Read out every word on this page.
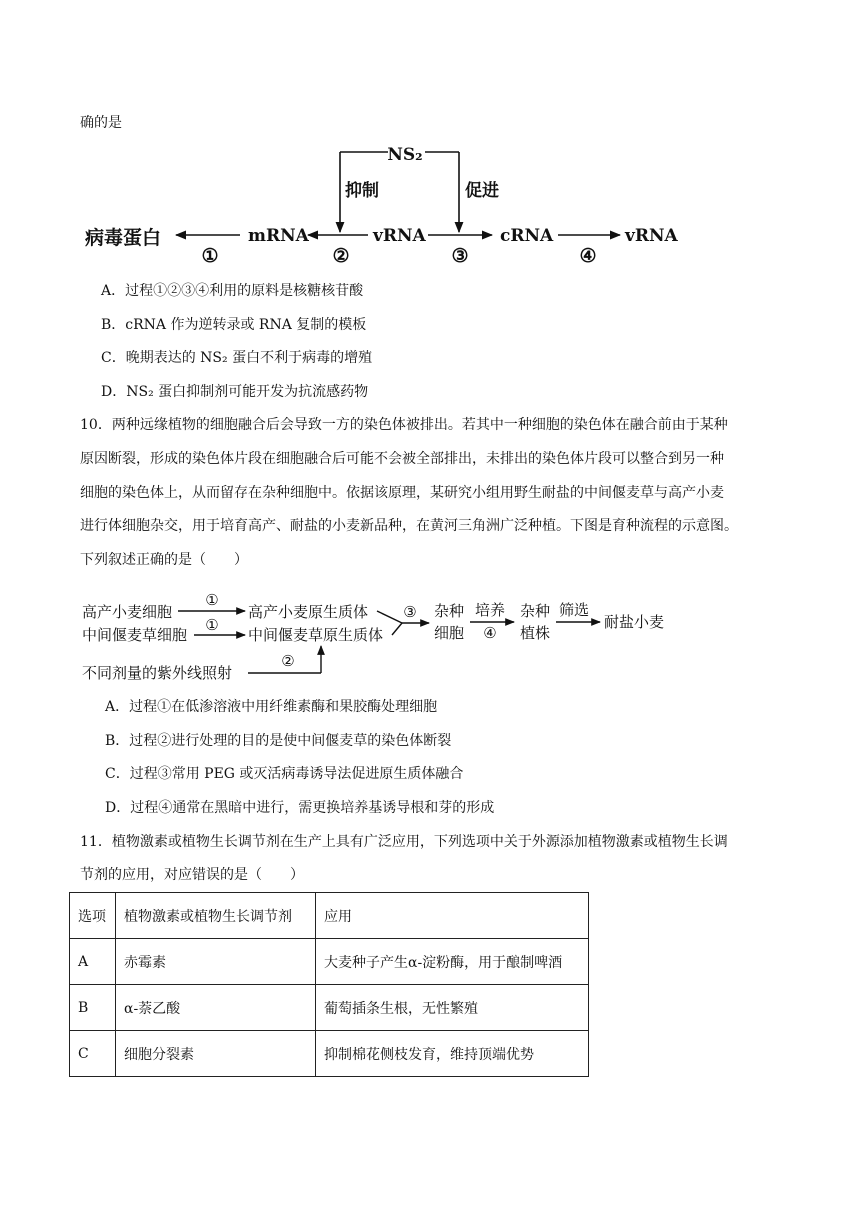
确的是
NS₂
抑制	促进
病毒蛋白	mRNA	vRNA	cRNA	vRNA
①	②	③	④
A．过程①②③④利用的原料是核糖核苷酸
B．cRNA 作为逆转录或 RNA 复制的模板
C．晚期表达的 NS₂ 蛋白不利于病毒的增殖
D．NS₂ 蛋白抑制剂可能开发为抗流感药物
10．两种远缘植物的细胞融合后会导致一方的染色体被排出。若其中一种细胞的染色体在融合前由于某种
原因断裂，形成的染色体片段在细胞融合后可能不会被全部排出，未排出的染色体片段可以整合到另一种
细胞的染色体上，从而留存在杂种细胞中。依据该原理，某研究小组用野生耐盐的中间偃麦草与高产小麦
进行体细胞杂交，用于培育高产、耐盐的小麦新品种，在黄河三角洲广泛种植。下图是育种流程的示意图。
下列叙述正确的是（　　）
高产小麦细胞
中间偃麦草细胞
①
①
高产小麦原生质体
中间偃麦草原生质体
不同剂量的紫外线照射
②
③ 杂种
细胞
培养
④
杂种
植株
筛选
耐盐小麦
A．过程①在低渗溶液中用纤维素酶和果胶酶处理细胞
B．过程②进行处理的目的是使中间偃麦草的染色体断裂
C．过程③常用 PEG 或灭活病毒诱导法促进原生质体融合
D．过程④通常在黑暗中进行，需更换培养基诱导根和芽的形成
11．植物激素或植物生长调节剂在生产上具有广泛应用，下列选项中关于外源添加植物激素或植物生长调
节剂的应用，对应错误的是（　　）
选项	植物激素或植物生长调节剂	应用
A	赤霉素	大麦种子产生α-淀粉酶，用于酿制啤酒
B	α-萘乙酸	葡萄插条生根，无性繁殖
C	细胞分裂素	抑制棉花侧枝发育，维持顶端优势
